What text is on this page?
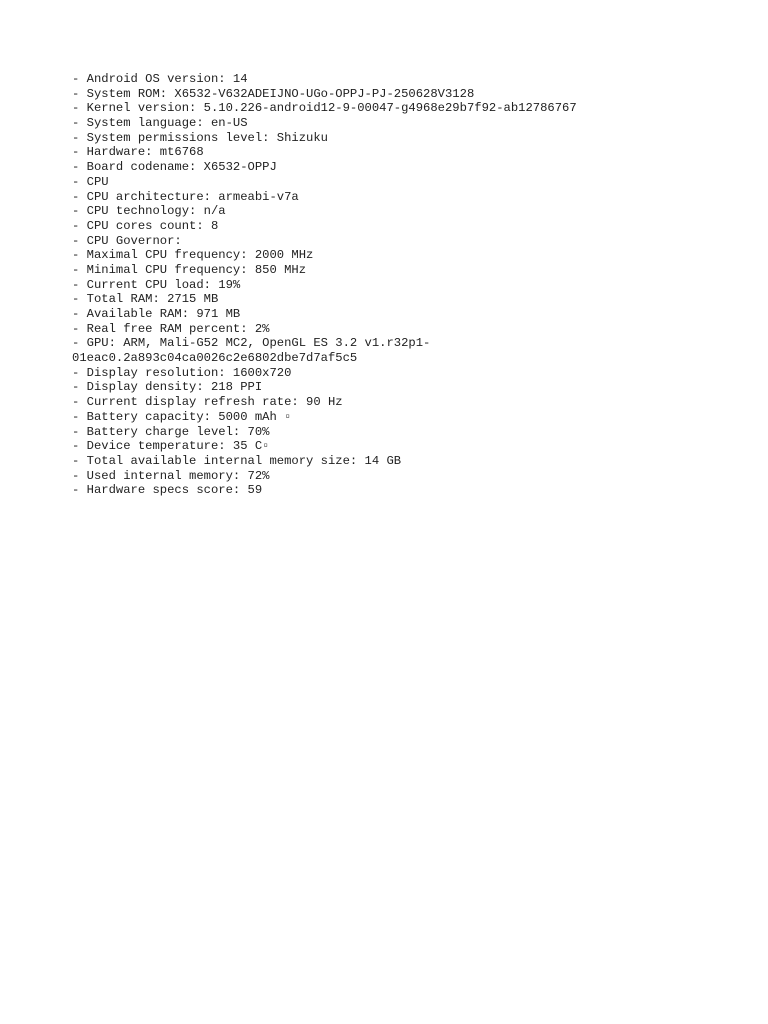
- Android OS version: 14
- System ROM: X6532-V632ADEIJNO-UGo-OPPJ-PJ-250628V3128
- Kernel version: 5.10.226-android12-9-00047-g4968e29b7f92-ab12786767
- System language: en-US
- System permissions level: Shizuku
- Hardware: mt6768
- Board codename: X6532-OPPJ
- CPU
- CPU architecture: armeabi-v7a
- CPU technology: n/a
- CPU cores count: 8
- CPU Governor:
- Maximal CPU frequency: 2000 MHz
- Minimal CPU frequency: 850 MHz
- Current CPU load: 19%
- Total RAM: 2715 MB
- Available RAM: 971 MB
- Real free RAM percent: 2%
- GPU: ARM, Mali-G52 MC2, OpenGL ES 3.2 v1.r32p1-
01eac0.2a893c04ca0026c2e6802dbe7d7af5c5
- Display resolution: 1600x720
- Display density: 218 PPI
- Current display refresh rate: 90 Hz
- Battery capacity: 5000 mAh ▫
- Battery charge level: 70%
- Device temperature: 35 C▫
- Total available internal memory size: 14 GB
- Used internal memory: 72%
- Hardware specs score: 59
